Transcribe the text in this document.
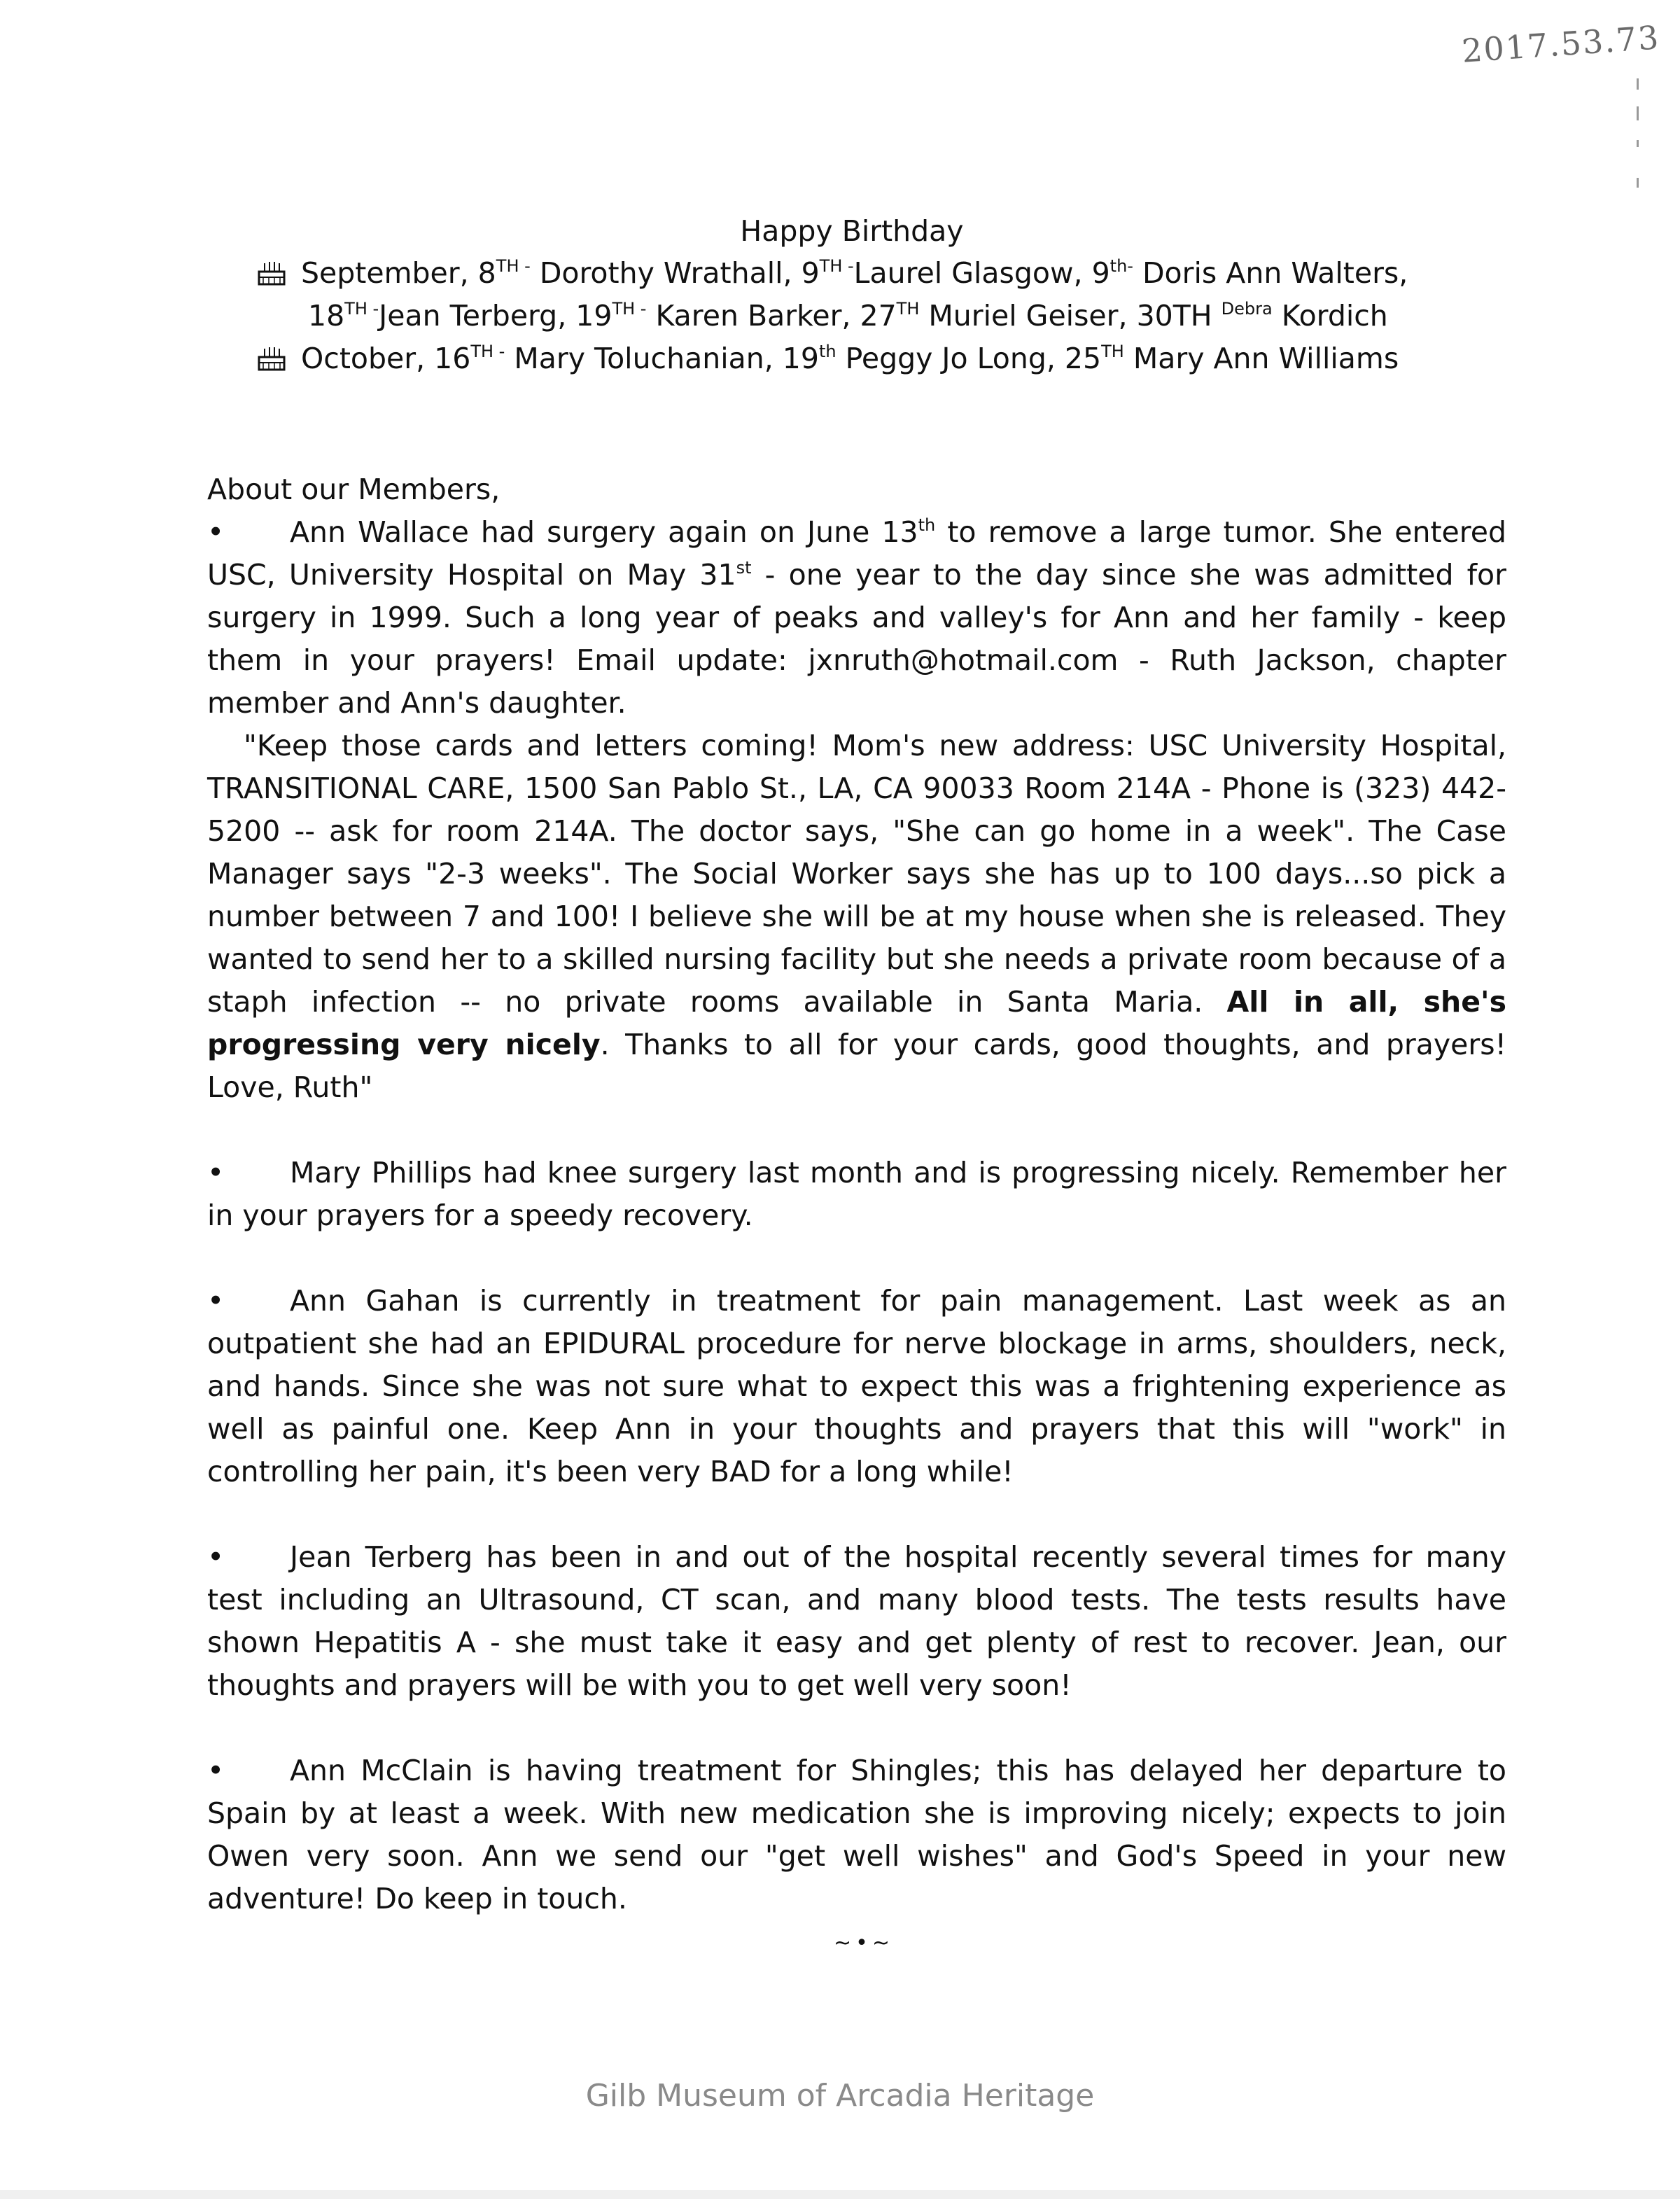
2017.53.73
Happy Birthday
September, $8^{TH -}$ Dorothy Wrathall, $9^{TH -}Laurel$ Glasgow, $9^{th-}$ Doris Ann Walters,
$18^{TH -}Jean$ Terberg, $19^{TH -}$ Karen Barker, 27TH Muriel Geiser, 30TH $^{Debra}$ Kordich
October, $16^{TH -}$ Mary Toluchanian, 19th Peggy Jo Long, 25TH Mary Ann Williams

About our Members,

• Ann Wallace had surgery again on June 13th to remove a large tumor. She entered USC, University Hospital on May 31st - one year to the day since she was admitted for surgery in 1999. Such a long year of peaks and valley's for Ann and her family - keep them in your prayers! Email update: jxnruth@hotmail.com - Ruth Jackson, chapter member and Ann's daughter.

"Keep those cards and letters coming! Mom's new address: USC University Hospital, TRANSITIONAL CARE, 1500 San Pablo St., LA, CA 90033 Room 214A - Phone is (323) 442-5200 -- ask for room 214A. The doctor says, "She can go home in a week". The Case Manager says "2-3 weeks". The Social Worker says she has up to 100 days...so pick a number between 7 and 100! I believe she will be at my house when she is released. They wanted to send her to a skilled nursing facility but she needs a private room because of a staph infection -- no private rooms available in Santa Maria. All in all, she's progressing very nicely. Thanks to all for your cards, good thoughts, and prayers! Love, Ruth"

• Mary Phillips had knee surgery last month and is progressing nicely. Remember her in your prayers for a speedy recovery.

• Ann Gahan is currently in treatment for pain management. Last week as an outpatient she had an EPIDURAL procedure for nerve blockage in arms, shoulders, neck, and hands. Since she was not sure what to expect this was a frightening experience as well as painful one. Keep Ann in your thoughts and prayers that this will "work" in controlling her pain, it's been very BAD for a long while!

• Jean Terberg has been in and out of the hospital recently several times for many test including an Ultrasound, CT scan, and many blood tests. The tests results have shown Hepatitis A - she must take it easy and get plenty of rest to recover. Jean, our thoughts and prayers will be with you to get well very soon!

• Ann McClain is having treatment for Shingles; this has delayed her departure to Spain by at least a week. With new medication she is improving nicely; expects to join Owen very soon. Ann we send our "get well wishes" and God's Speed in your new adventure! Do keep in touch.

~•~
Gilb Museum of Arcadia Heritage
